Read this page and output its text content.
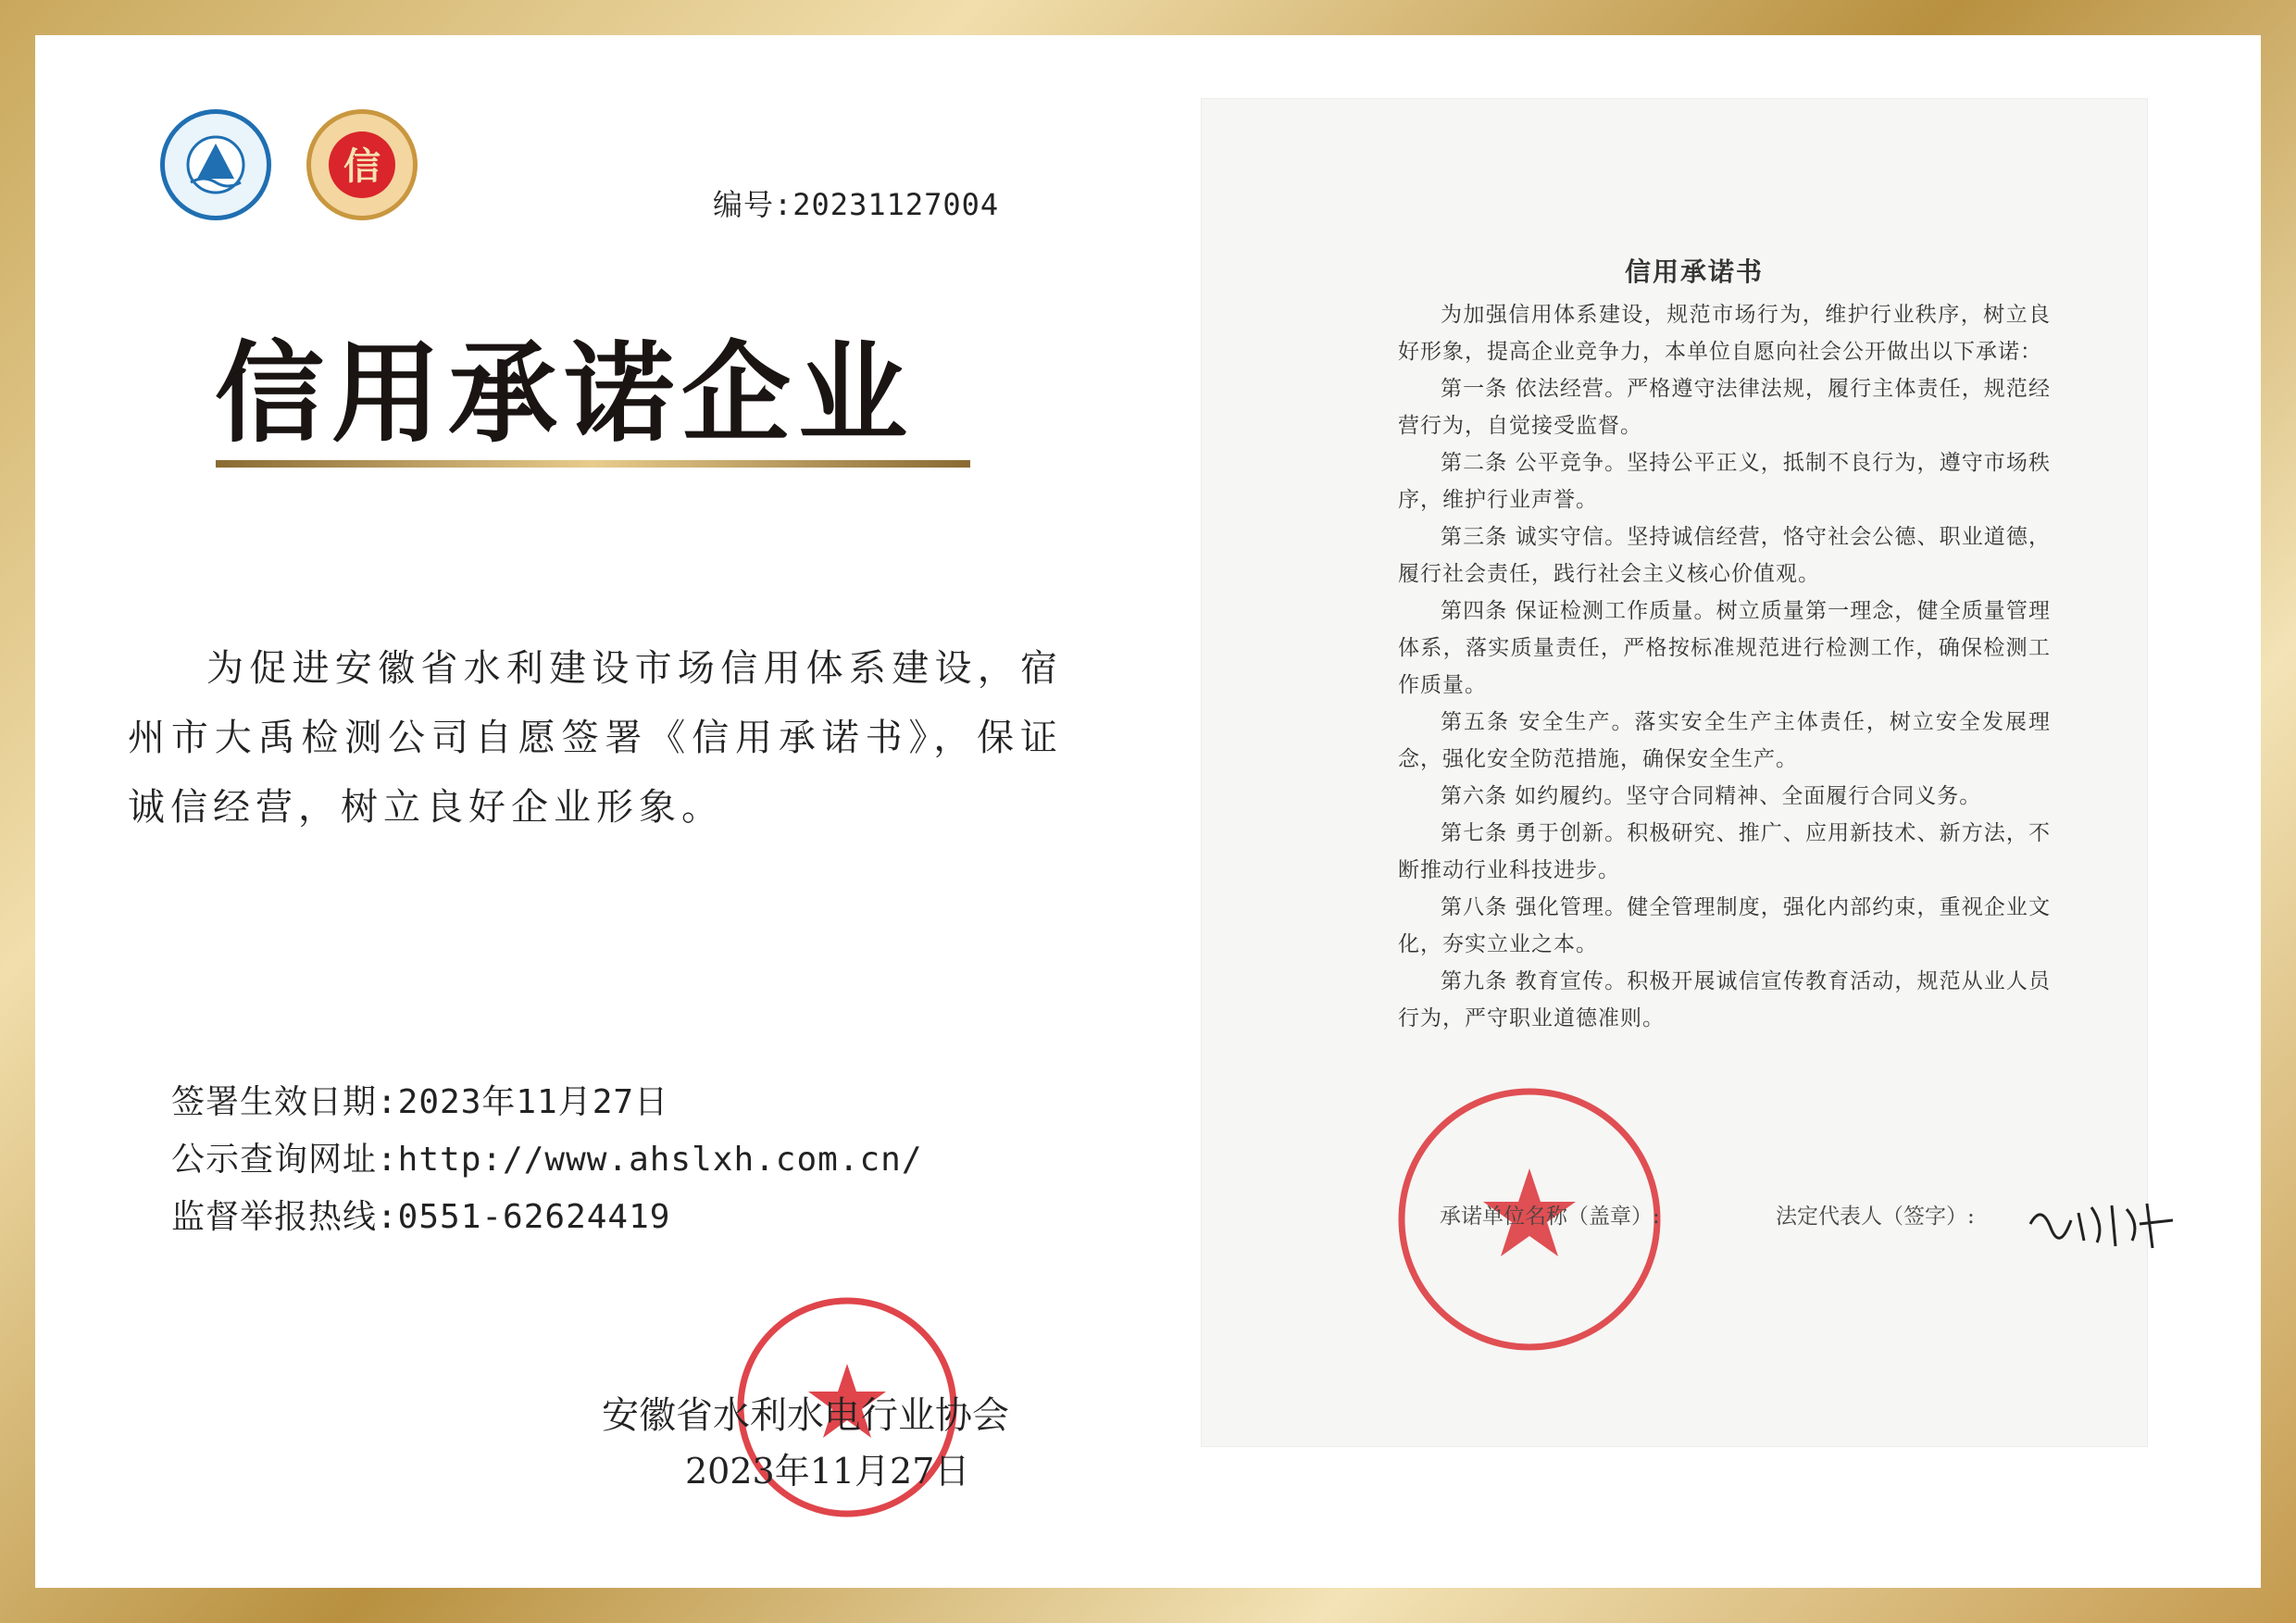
信
编号:20231127004
信用承诺企业
为促进安徽省水利建设市场信用体系建设，宿州市大禹检测公司自愿签署《信用承诺书》，保证诚信经营，树立良好企业形象。
签署生效日期:2023年11月27日
公示查询网址:http://www.ahslxh.com.cn/
监督举报热线:0551-62624419
安徽省水利水电行业协会
2023年11月27日
信用承诺书

为加强信用体系建设，规范市场行为，维护行业秩序，树立良好形象，提高企业竞争力，本单位自愿向社会公开做出以下承诺：

第一条 依法经营。严格遵守法律法规，履行主体责任，规范经营行为，自觉接受监督。

第二条 公平竞争。坚持公平正义，抵制不良行为，遵守市场秩序，维护行业声誉。

第三条 诚实守信。坚持诚信经营，恪守社会公德、职业道德，履行社会责任，践行社会主义核心价值观。

第四条 保证检测工作质量。树立质量第一理念，健全质量管理体系，落实质量责任，严格按标准规范进行检测工作，确保检测工作质量。

第五条 安全生产。落实安全生产主体责任，树立安全发展理念，强化安全防范措施，确保安全生产。

第六条 如约履约。坚守合同精神、全面履行合同义务。

第七条 勇于创新。积极研究、推广、应用新技术、新方法，不断推动行业科技进步。

第八条 强化管理。健全管理制度，强化内部约束，重视企业文化，夯实立业之本。

第九条 教育宣传。积极开展诚信宣传教育活动，规范从业人员行为，严守职业道德准则。

承诺单位名称（盖章）:	法定代表人（签字）:
